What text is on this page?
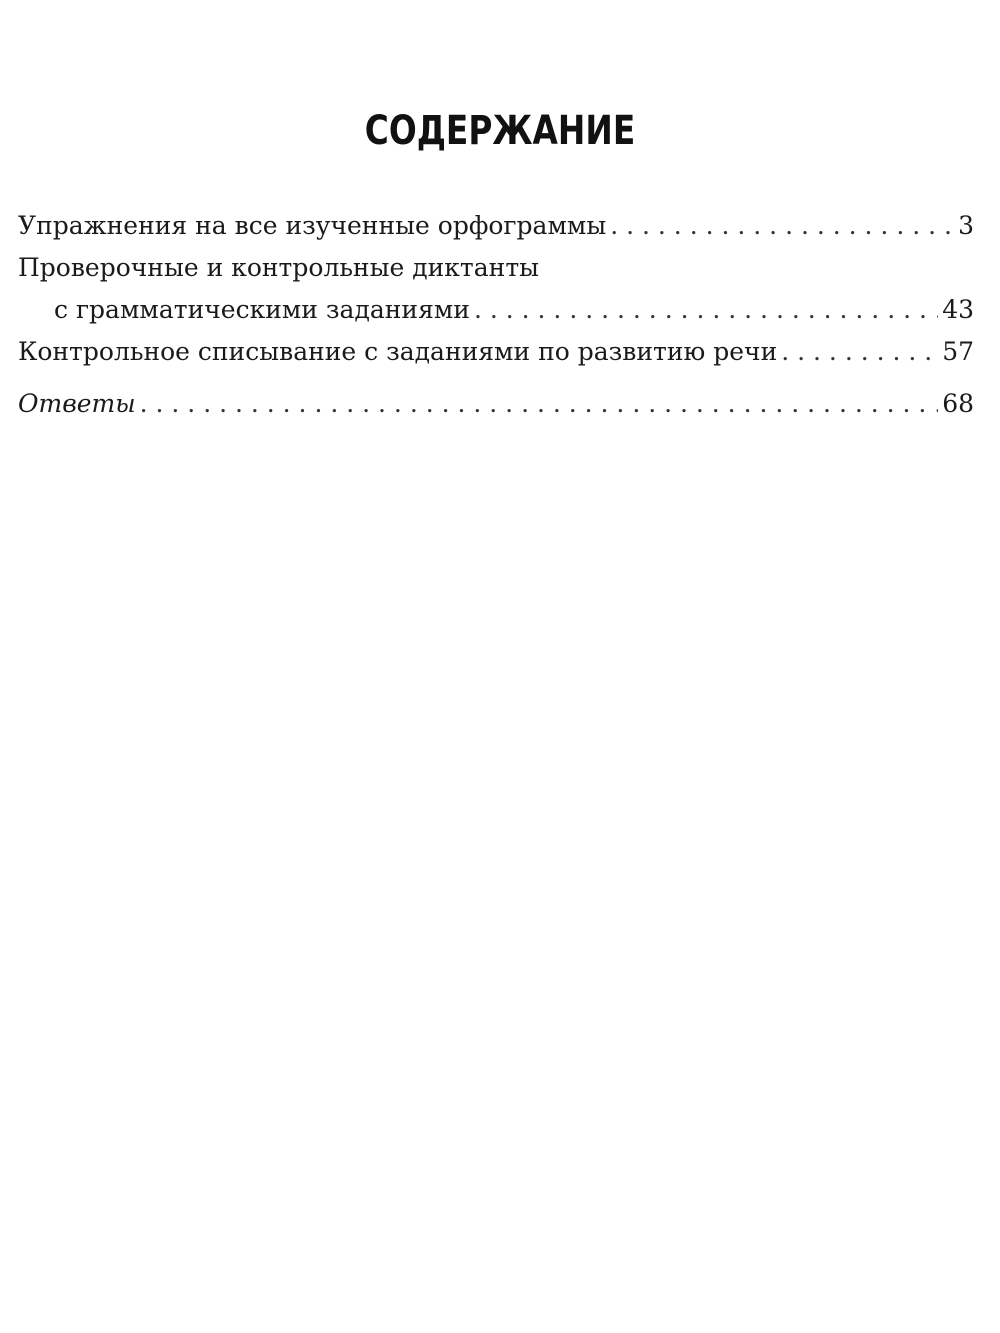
СОДЕРЖАНИЕ
Упражнения на все изученные орфограммы . . .	3
Проверочные и контрольные диктанты
с грамматическими заданиями . . .	43
Контрольное списывание с заданиями по развитию речи . . .	57
Ответы . . .	68
